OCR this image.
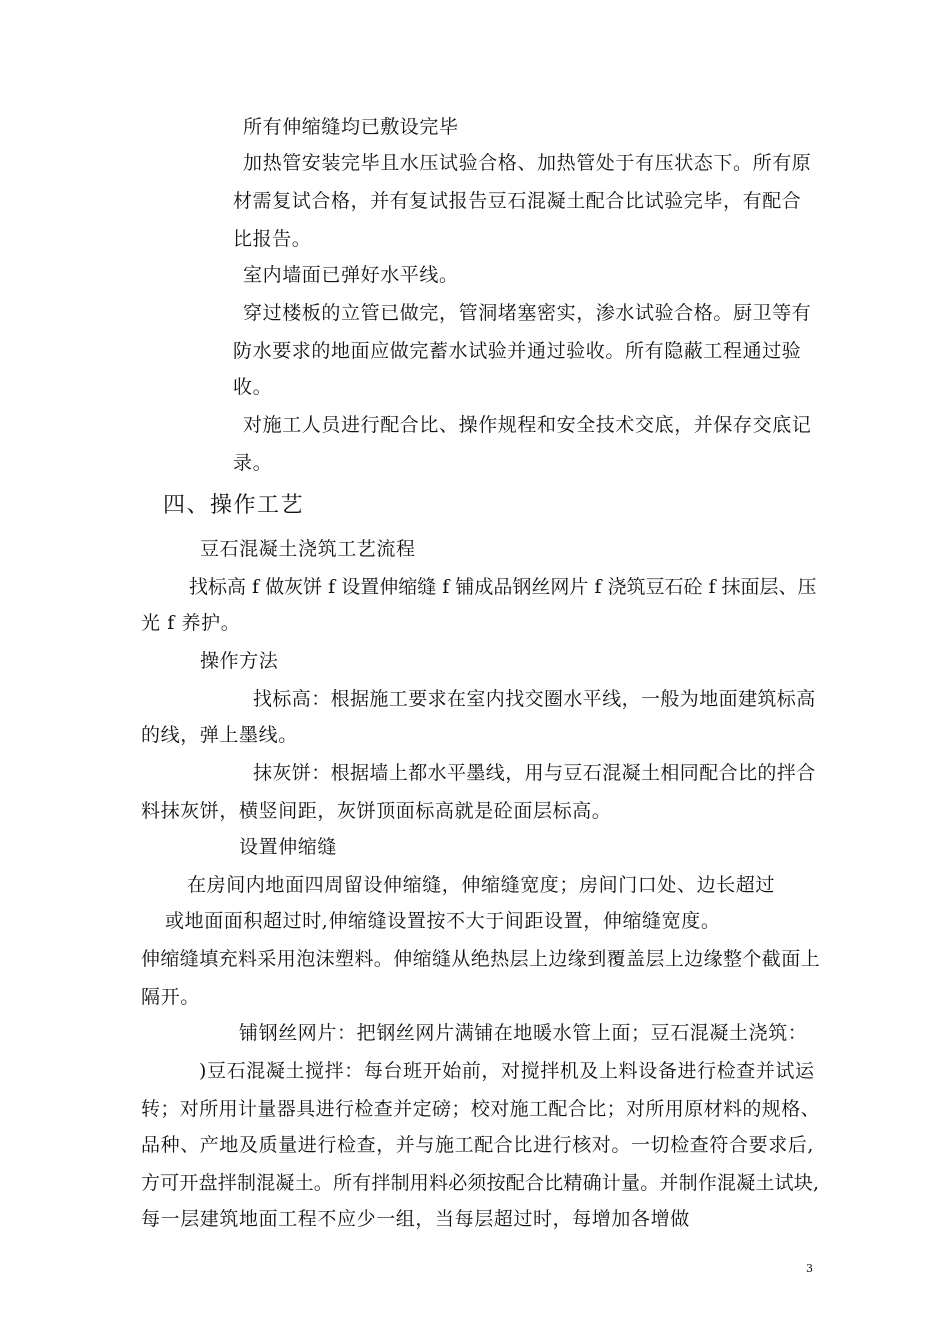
所有伸缩缝均已敷设完毕
加热管安装完毕且水压试验合格、加热管处于有压状态下。所有原
材需复试合格，并有复试报告豆石混凝土配合比试验完毕，有配合
比报告。
室内墙面已弹好水平线。
穿过楼板的立管已做完，管洞堵塞密实，渗水试验合格。厨卫等有
防水要求的地面应做完蓄水试验并通过验收。所有隐蔽工程通过验
收。
对施工人员进行配合比、操作规程和安全技术交底，并保存交底记
录。
四、操作工艺
豆石混凝土浇筑工艺流程
找标高 f 做灰饼 f 设置伸缩缝 f 铺成品钢丝网片 f 浇筑豆石砼 f 抹面层、压
光 f 养护。
操作方法
找标高：根据施工要求在室内找交圈水平线，一般为地面建筑标高
的线，弹上墨线。
抹灰饼：根据墙上都水平墨线，用与豆石混凝土相同配合比的拌合
料抹灰饼，横竖间距，灰饼顶面标高就是砼面层标高。
设置伸缩缝
在房间内地面四周留设伸缩缝，伸缩缝宽度；房间门口处、边长超过
或地面面积超过时,伸缩缝设置按不大于间距设置，伸缩缝宽度。
伸缩缝填充料采用泡沫塑料。伸缩缝从绝热层上边缘到覆盖层上边缘整个截面上
隔开。
铺钢丝网片：把钢丝网片满铺在地暖水管上面；豆石混凝土浇筑：
)豆石混凝土搅拌：每台班开始前，对搅拌机及上料设备进行检查并试运
转；对所用计量器具进行检查并定磅；校对施工配合比；对所用原材料的规格、
品种、产地及质量进行检查，并与施工配合比进行核对。一切检查符合要求后,
方可开盘拌制混凝土。所有拌制用料必须按配合比精确计量。并制作混凝土试块,
每一层建筑地面工程不应少一组，当每层超过时，每增加各增做
3
